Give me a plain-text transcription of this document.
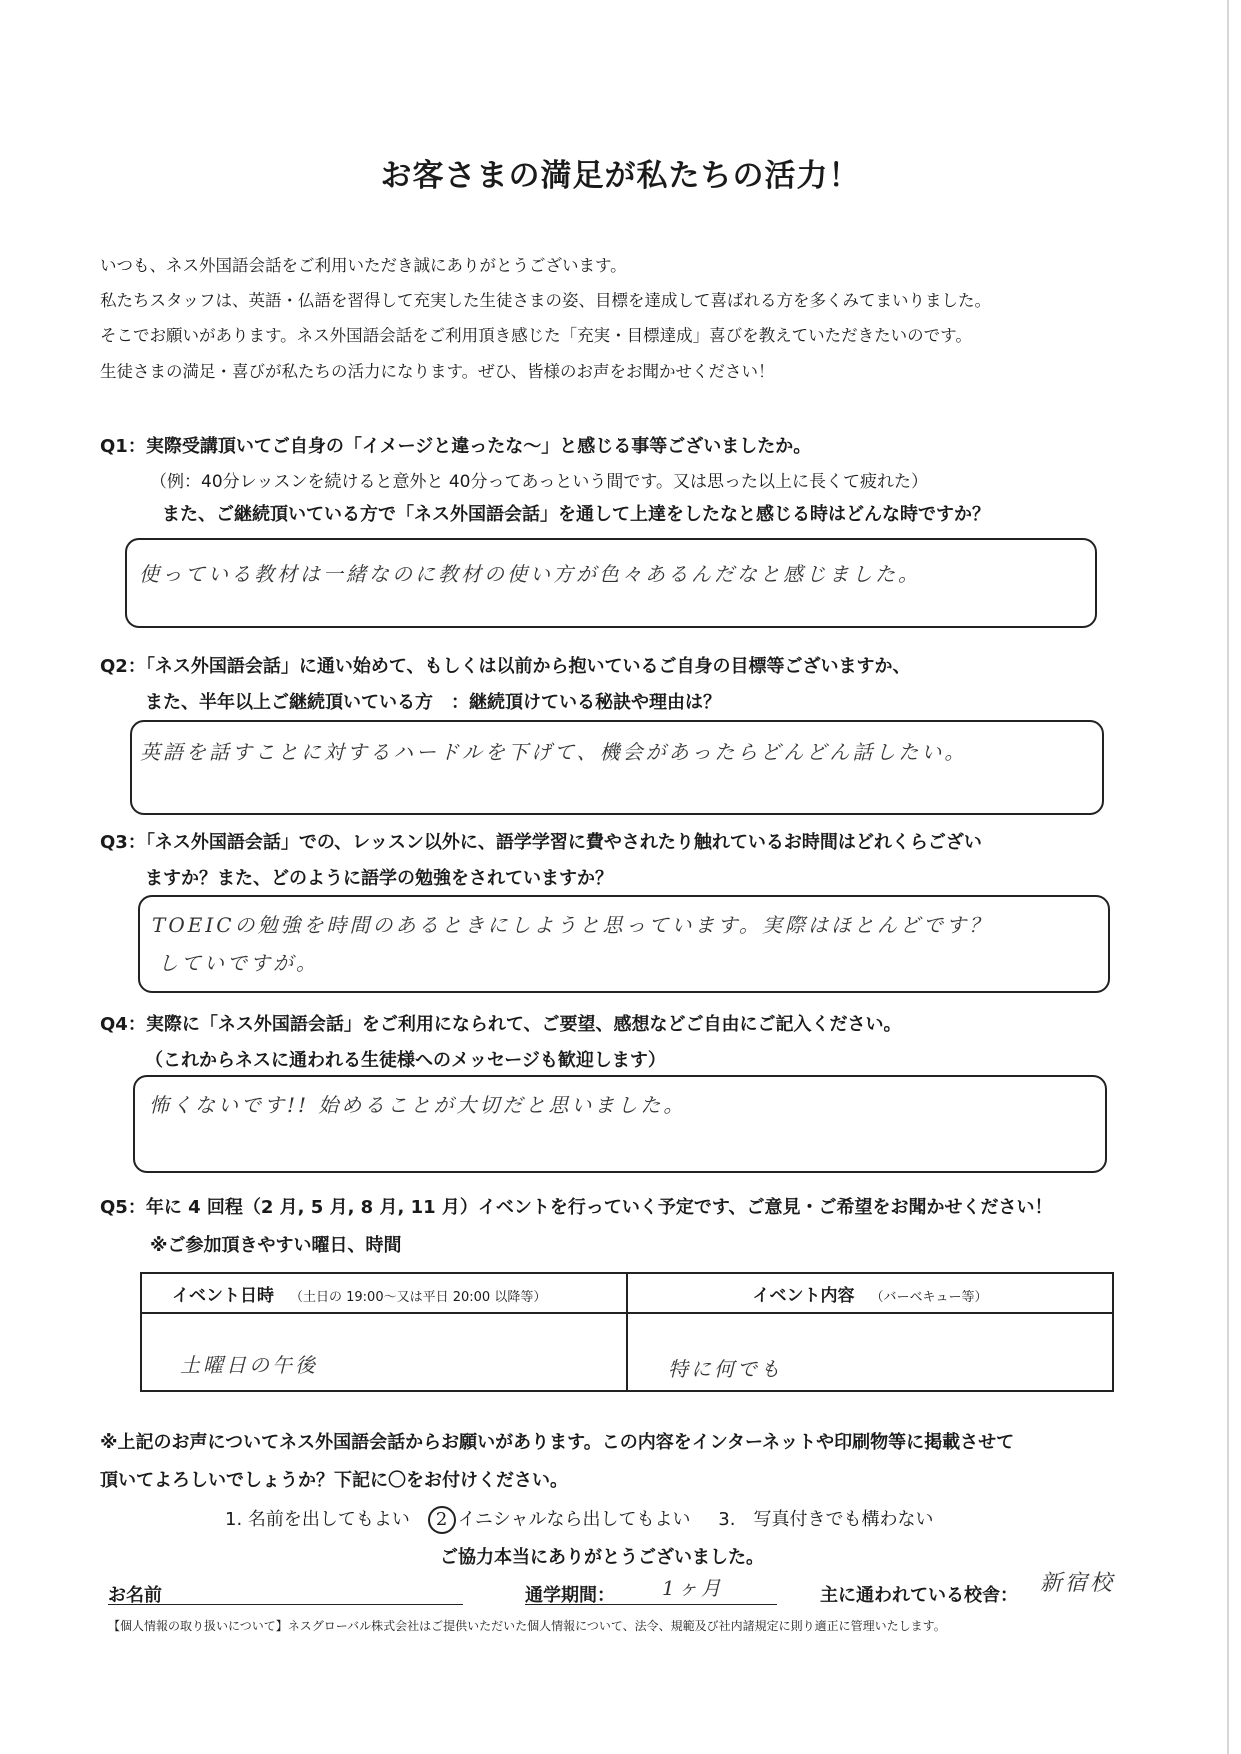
お客さまの満足が私たちの活力！
いつも、ネス外国語会話をご利用いただき誠にありがとうございます。
私たちスタッフは、英語・仏語を習得して充実した生徒さまの姿、目標を達成して喜ばれる方を多くみてまいりました。
そこでお願いがあります。ネス外国語会話をご利用頂き感じた「充実・目標達成」喜びを教えていただきたいのです。
生徒さまの満足・喜びが私たちの活力になります。ぜひ、皆様のお声をお聞かせください！
Q1：実際受講頂いてご自身の「イメージと違ったな～」と感じる事等ございましたか。
（例：40分レッスンを続けると意外と 40分ってあっという間です。又は思った以上に長くて疲れた）
また、ご継続頂いている方で「ネス外国語会話」を通して上達をしたなと感じる時はどんな時ですか？
使っている教材は一緒なのに教材の使い方が色々あるんだなと感じました。
Q2：「ネス外国語会話」に通い始めて、もしくは以前から抱いているご自身の目標等ございますか、
また、半年以上ご継続頂いている方　：継続頂けている秘訣や理由は？
英語を話すことに対するハードルを下げて、機会があったらどんどん話したい。
Q3：「ネス外国語会話」での、レッスン以外に、語学学習に費やされたり触れているお時間はどれくらござい
ますか？また、どのように語学の勉強をされていますか？
TOEICの勉強を時間のあるときにしようと思っています。実際はほとんどです？
していですが。
Q4：実際に「ネス外国語会話」をご利用になられて、ご要望、感想などご自由にご記入ください。
（これからネスに通われる生徒様へのメッセージも歓迎します）
怖くないです!! 始めることが大切だと思いました。
Q5：年に 4 回程（2 月, 5 月, 8 月, 11 月）イベントを行っていく予定です、ご意見・ご希望をお聞かせください！
※ご参加頂きやすい曜日、時間
イベント日時 （土日の 19:00～又は平日 20:00 以降等）	イベント内容 （バーベキュー等）
土曜日の午後	特に何でも
※上記のお声についてネス外国語会話からお願いがあります。この内容をインターネットや印刷物等に掲載させて
頂いてよろしいでしょうか？下記に〇をお付けください。
1. 名前を出してもよい 2 イニシャルなら出してもよい 3.　写真付きでも構わない
ご協力本当にありがとうございました。
お名前	通学期間： 1ヶ月	主に通われている校舎： 新宿校
【個人情報の取り扱いについて】ネスグローバル株式会社はご提供いただいた個人情報について、法令、規範及び社内諸規定に則り適正に管理いたします。
